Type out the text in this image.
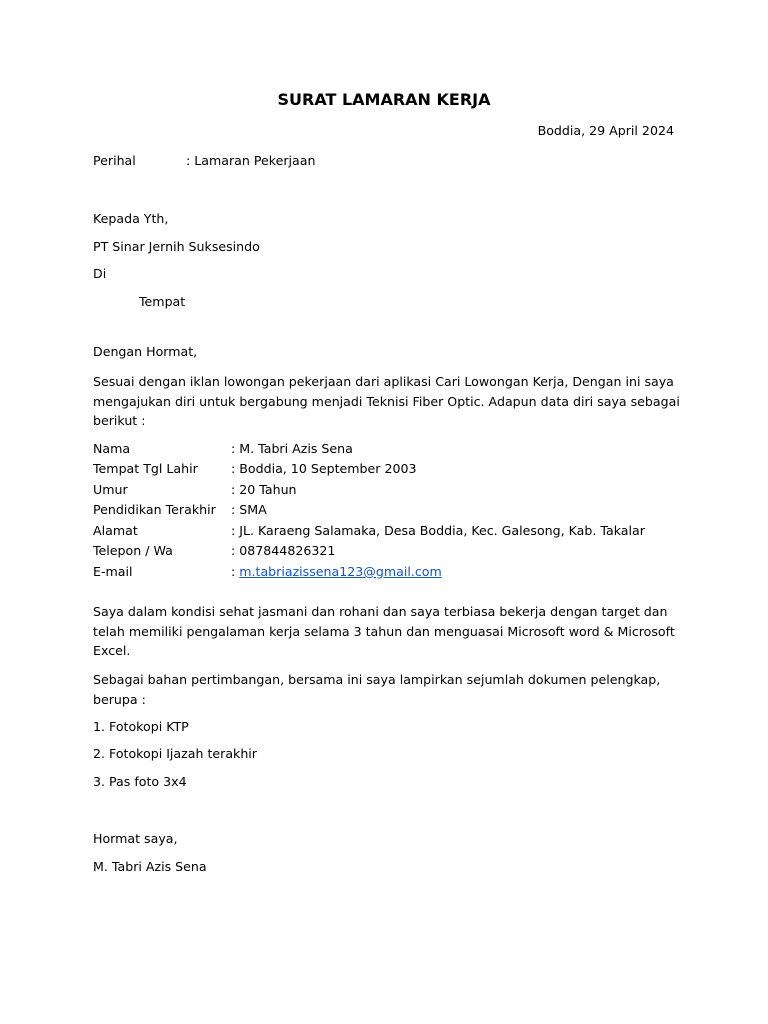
SURAT LAMARAN KERJA

Boddia, 29 April 2024

Perihal	: Lamaran Pekerjaan

Kepada Yth,

PT Sinar Jernih Suksesindo

Di

Tempat

Dengan Hormat,

Sesuai dengan iklan lowongan pekerjaan dari aplikasi Cari Lowongan Kerja, Dengan ini saya mengajukan diri untuk bergabung menjadi Teknisi Fiber Optic. Adapun data diri saya sebagai berikut :

Nama	: M. Tabri Azis Sena

Tempat Tgl Lahir	: Boddia, 10 September 2003

Umur	: 20 Tahun

Pendidikan Terakhir : SMA

Alamat	: JL. Karaeng Salamaka, Desa Boddia, Kec. Galesong, Kab. Takalar

Telepon / Wa	: 087844826321

E-mail	: m.tabriazissena123@gmail.com

Saya dalam kondisi sehat jasmani dan rohani dan saya terbiasa bekerja dengan target dan telah memiliki pengalaman kerja selama 3 tahun dan menguasai Microsoft word & Microsoft Excel.

Sebagai bahan pertimbangan, bersama ini saya lampirkan sejumlah dokumen pelengkap, berupa :

1. Fotokopi KTP

2. Fotokopi Ijazah terakhir

3. Pas foto 3x4

Hormat saya,

M. Tabri Azis Sena
